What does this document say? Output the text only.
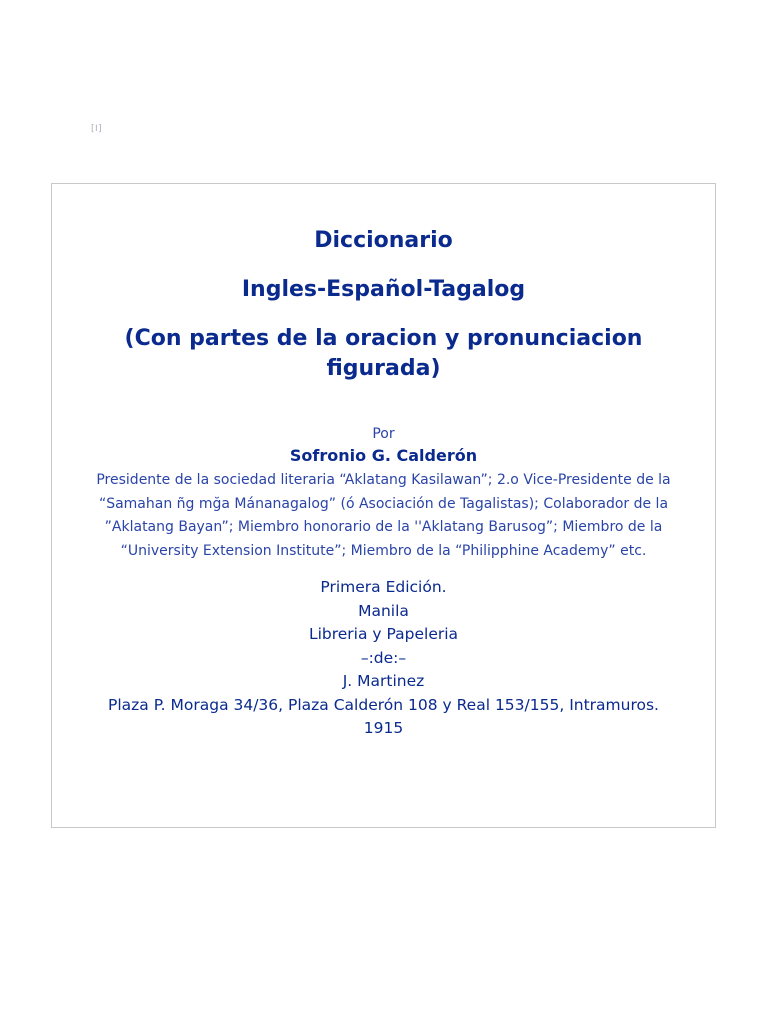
[I]
Diccionario
Ingles-Español-Tagalog
(Con partes de la oracion y pronunciacion figurada)
Por
Sofronio G. Calderón
Presidente de la sociedad literaria “Aklatang Kasilawan”; 2.o Vice-Presidente de la “Samahan ñg mğa Mánanagalog” (ó Asociación de Tagalistas); Colaborador de la ”Aklatang Bayan”; Miembro honorario de la ''Aklatang Barusog”; Miembro de la “University Extension Institute”; Miembro de la “Philipphine Academy” etc.
Primera Edición.
Manila
Libreria y Papeleria
–:de:–
J. Martinez
Plaza P. Moraga 34/36, Plaza Calderón 108 y Real 153/155, Intramuros.
1915
